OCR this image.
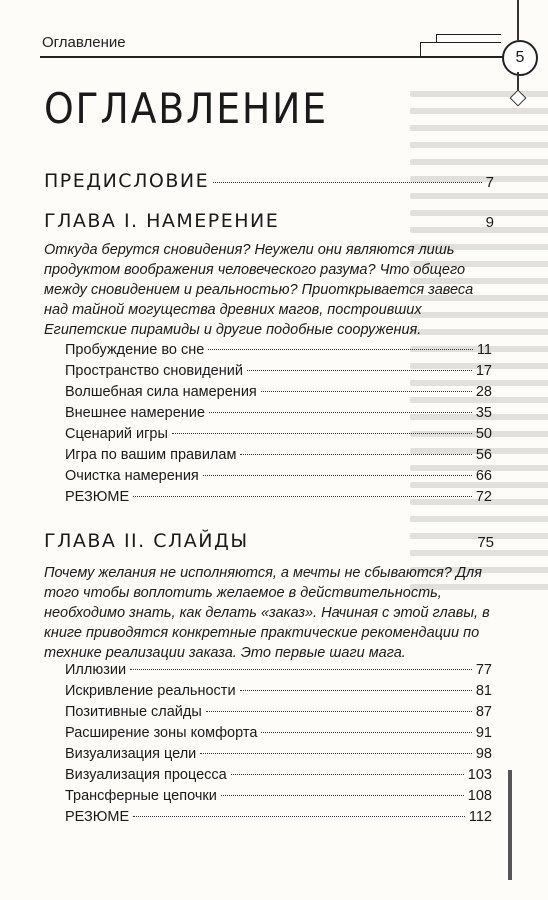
Оглавление
5
ОГЛАВЛЕНИЕ
ПРЕДИСЛОВИЕ	7
ГЛАВА I. НАМЕРЕНИЕ	9
Откуда берутся сновидения? Неужели они являются лишь продуктом воображения человеческого разума? Что общего между сновидением и реальностью? Приоткрывается завеса над тайной могущества древних магов, построивших Египетские пирамиды и другие подобные сооружения.
Пробуждение во сне	11
Пространство сновидений	17
Волшебная сила намерения	28
Внешнее намерение	35
Сценарий игры	50
Игра по вашим правилам	56
Очистка намерения	66
РЕЗЮМЕ	72
ГЛАВА II. СЛАЙДЫ	75
Почему желания не исполняются, а мечты не сбываются? Для того чтобы воплотить желаемое в действительность, необходимо знать, как делать «заказ». Начиная с этой главы, в книге приводятся конкретные практические рекомендации по технике реализации заказа. Это первые шаги мага.
Иллюзии	77
Искривление реальности	81
Позитивные слайды	87
Расширение зоны комфорта	91
Визуализация цели	98
Визуализация процесса	103
Трансферные цепочки	108
РЕЗЮМЕ	112
